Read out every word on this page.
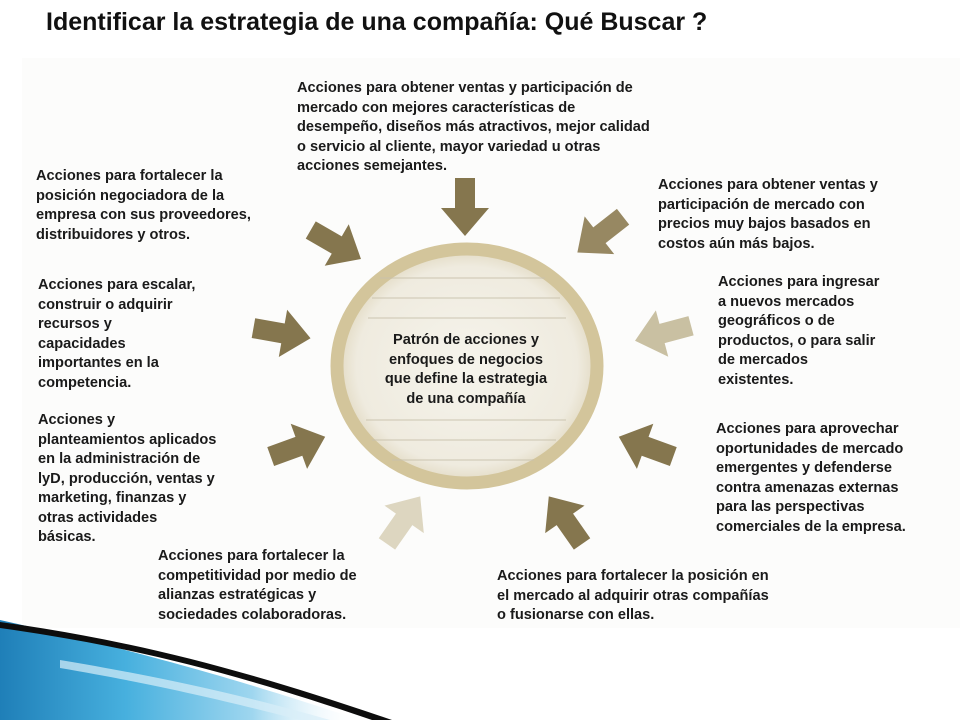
Identificar la estrategia de una compañía: Qué Buscar ?
Acciones para obtener ventas y participación de
mercado con mejores características de
desempeño, diseños más atractivos, mejor calidad
o servicio al cliente, mayor variedad u otras
acciones semejantes.
Acciones para fortalecer la
posición negociadora de la
empresa con sus proveedores,
distribuidores y otros.
Acciones para obtener ventas y
participación de mercado con
precios muy bajos basados en
costos aún más bajos.
Acciones para escalar,
construir o adquirir
recursos y
capacidades
importantes en la
competencia.
Acciones para ingresar
a nuevos mercados
geográficos o de
productos, o para salir
de mercados
existentes.
Acciones y
planteamientos aplicados
en la administración de
lyD, producción, ventas y
marketing, finanzas y
otras actividades
básicas.
Acciones para aprovechar
oportunidades de mercado
emergentes y defenderse
contra amenazas externas
para las perspectivas
comerciales de la empresa.
Acciones para fortalecer la
competitividad por medio de
alianzas estratégicas y
sociedades colaboradoras.
Acciones para fortalecer la posición en
el mercado al adquirir otras compañías
o fusionarse con ellas.
Patrón de acciones y
enfoques de negocios
que define la estrategia
de una compañía
